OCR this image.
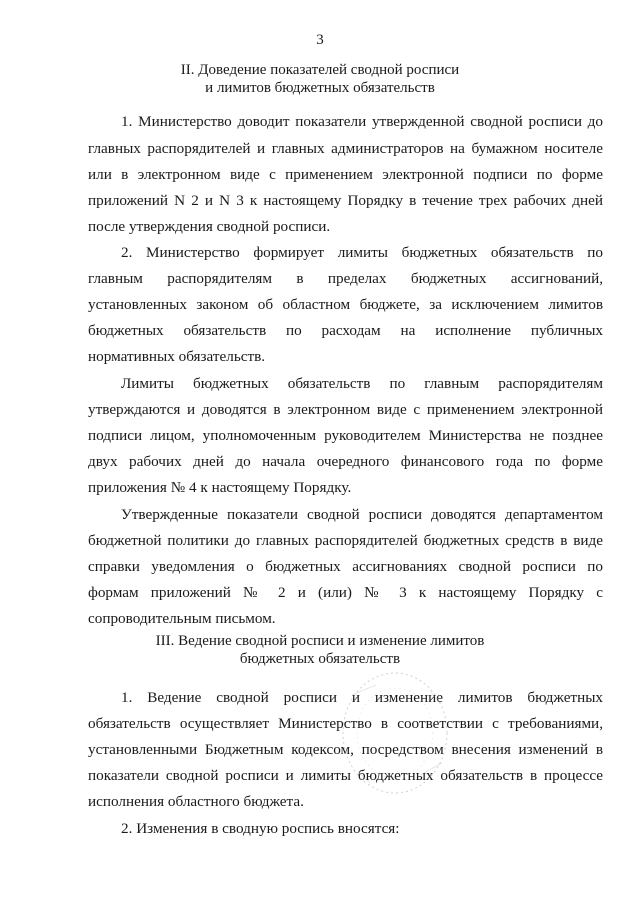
3
II. Доведение показателей сводной росписи
и лимитов бюджетных обязательств
1. Министерство доводит показатели утвержденной сводной росписи до
главных распорядителей и главных администраторов на бумажном носителе
или в электронном виде с применением электронной подписи по форме
приложений N 2 и N 3 к настоящему Порядку в течение трех рабочих дней
после утверждения сводной росписи.
2. Министерство формирует лимиты бюджетных обязательств по
главным распорядителям в пределах бюджетных ассигнований,
установленных законом об областном бюджете, за исключением лимитов
бюджетных обязательств по расходам на исполнение публичных
нормативных обязательств.
Лимиты бюджетных обязательств по главным распорядителям
утверждаются и доводятся в электронном виде с применением электронной
подписи лицом, уполномоченным руководителем Министерства не позднее
двух рабочих дней до начала очередного финансового года по форме
приложения № 4 к настоящему Порядку.
Утвержденные показатели сводной росписи доводятся департаментом
бюджетной политики до главных распорядителей бюджетных средств в виде
справки уведомления о бюджетных ассигнованиях сводной росписи по
формам приложений № 2 и (или) № 3 к настоящему Порядку с
сопроводительным письмом.
III. Ведение сводной росписи и изменение лимитов
бюджетных обязательств
1. Ведение сводной росписи и изменение лимитов бюджетных
обязательств осуществляет Министерство в соответствии с требованиями,
установленными Бюджетным кодексом, посредством внесения изменений в
показатели сводной росписи и лимиты бюджетных обязательств в процессе
исполнения областного бюджета.
2. Изменения в сводную роспись вносятся:
